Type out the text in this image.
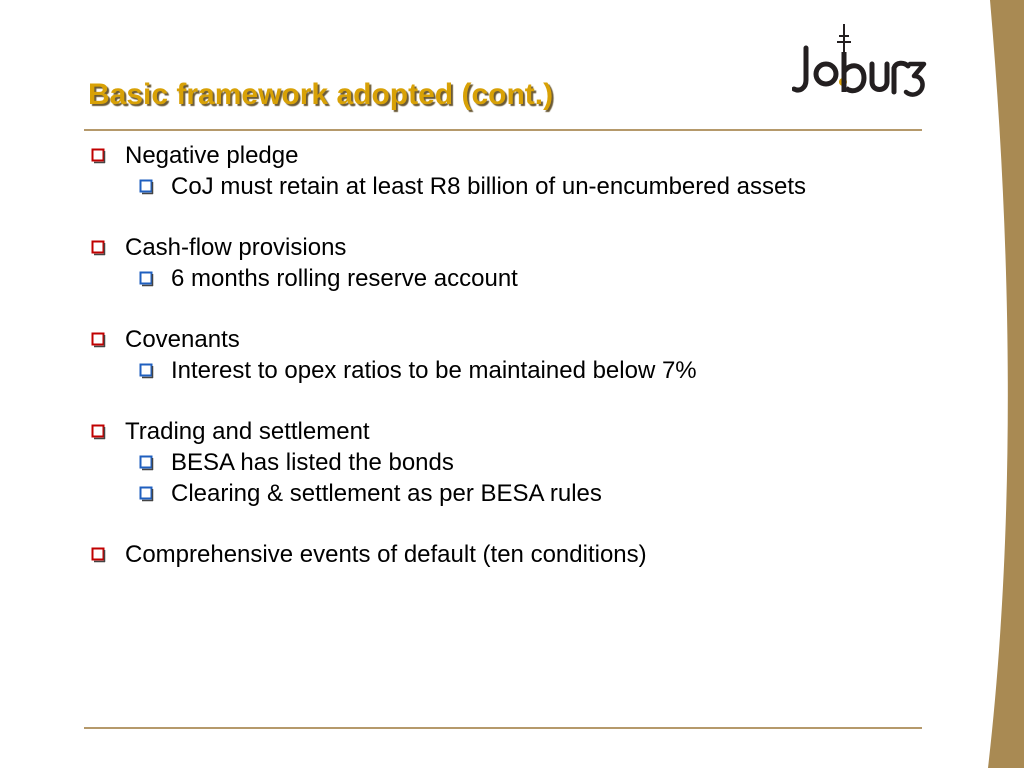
Basic framework adopted (cont.)
Negative pledge
CoJ must retain at least R8 billion of un-encumbered assets
Cash-flow provisions
6 months rolling reserve account
Covenants
Interest to opex ratios to be maintained below 7%
Trading and settlement
BESA has listed the bonds
Clearing & settlement as per BESA rules
Comprehensive events of default (ten conditions)
